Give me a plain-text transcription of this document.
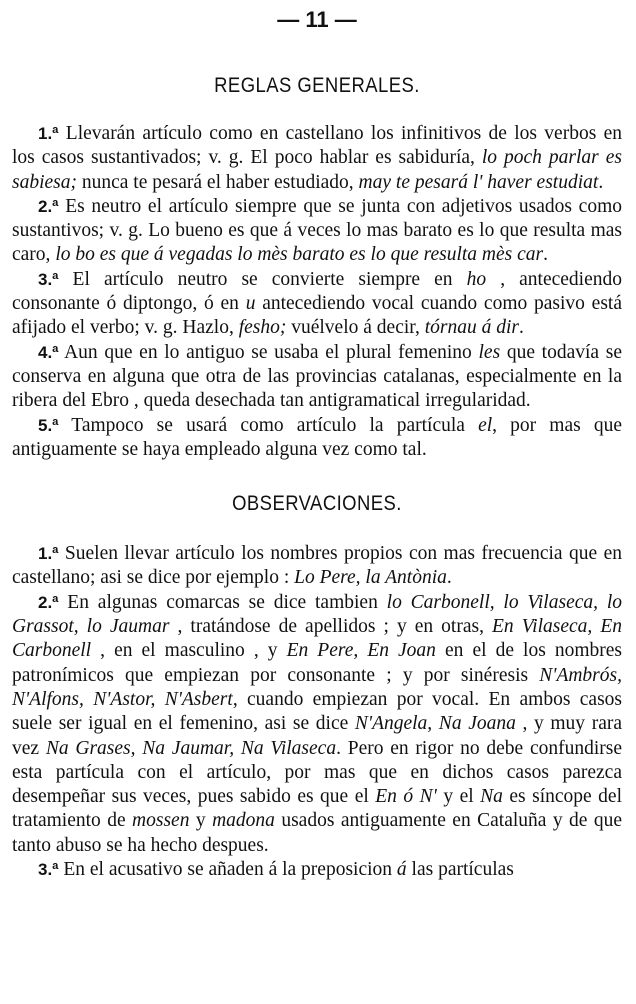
— 11 —
REGLAS GENERALES.

1.ª Llevarán artículo como en castellano los infinitivos de los verbos en los casos sustantivados; v. g. El poco hablar es sabiduría, lo poch parlar es sabiesa; nunca te pesará el haber estudiado, may te pesará l' haver estudiat.

2.ª Es neutro el artículo siempre que se junta con adjetivos usados como sustantivos; v. g. Lo bueno es que á veces lo mas barato es lo que resulta mas caro, lo bo es que á vegadas lo mès barato es lo que resulta mès car.

3.ª El artículo neutro se convierte siempre en ho , antecediendo consonante ó diptongo, ó en u antecediendo vocal cuando como pasivo está afijado el verbo; v. g. Hazlo, fesho; vuélvelo á decir, tórnau á dir.

4.ª Aun que en lo antiguo se usaba el plural femenino les que todavía se conserva en alguna que otra de las provincias catalanas, especialmente en la ribera del Ebro , queda desechada tan antigramatical irregularidad.

5.ª Tampoco se usará como artículo la partícula el, por mas que antiguamente se haya empleado alguna vez como tal.

OBSERVACIONES.

1.ª Suelen llevar artículo los nombres propios con mas frecuencia que en castellano; asi se dice por ejemplo : Lo Pere, la Antònia.

2.ª En algunas comarcas se dice tambien lo Carbonell, lo Vilaseca, lo Grassot, lo Jaumar , tratándose de apellidos ; y en otras, En Vilaseca, En Carbonell , en el masculino , y En Pere, En Joan en el de los nombres patronímicos que empiezan por consonante ; y por sinéresis N'Ambrós, N'Alfons, N'Astor, N'Asbert, cuando empiezan por vocal. En ambos casos suele ser igual en el femenino, asi se dice N'Angela, Na Joana , y muy rara vez Na Grases, Na Jaumar, Na Vilaseca. Pero en rigor no debe confundirse esta partícula con el artículo, por mas que en dichos casos parezca desempeñar sus veces, pues sabido es que el En ó N' y el Na es síncope del tratamiento de mossen y madona usados antiguamente en Cataluña y de que tanto abuso se ha hecho despues.

3.ª En el acusativo se añaden á la preposicion á las partículas
